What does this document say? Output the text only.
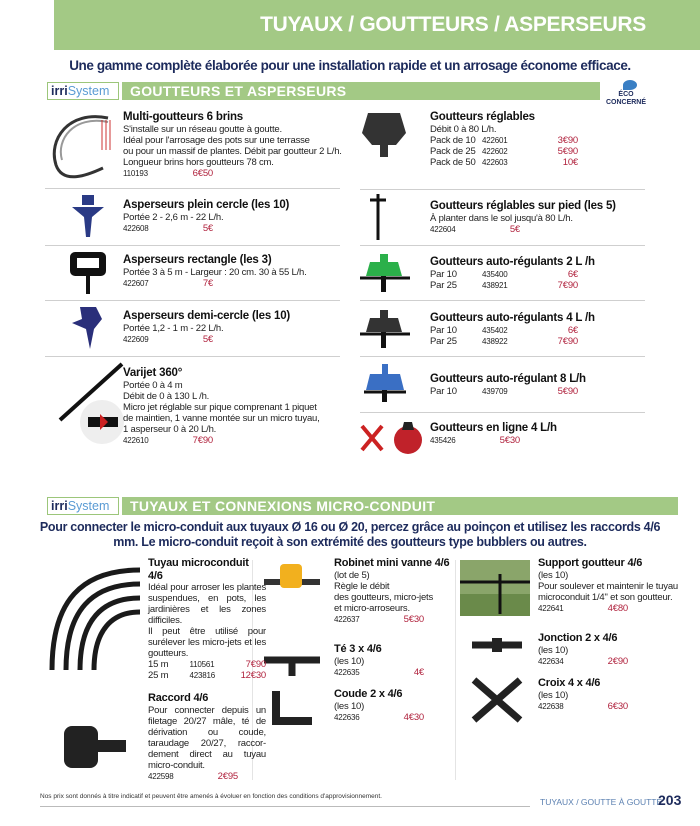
TUYAUX / GOUTTEURS / ASPERSEURS
Une gamme complète élaborée pour une installation rapide et un arrosage économe efficace.
irriSystem	GOUTTEURS ET ASPERSEURS	ÉCO
CONCERNÉ
irriSystem	TUYAUX ET CONNEXIONS MICRO-CONDUIT
Pour connecter le micro-conduit aux tuyaux Ø 16 ou Ø 20, percez grâce au poinçon et utilisez les raccords 4/6 mm. Le micro-conduit reçoit à son extrémité des goutteurs type bubblers ou autres.
Multi-goutteurs 6 brins
S'installe sur un réseau goutte à goutte.
Idéal pour l'arrosage des pots sur une terrasse
ou pour un massif de plantes. Débit par goutteur 2 L/h.
Longueur brins hors goutteurs 78 cm.
110193	6€50
Asperseurs plein cercle (les 10)
Portée 2 - 2,6 m - 22 L/h.
422608	5€
Asperseurs rectangle (les 3)
Portée 3 à 5 m - Largeur : 20 cm. 30 à 55 L/h.
422607	7€
Asperseurs demi-cercle (les 10)
Portée 1,2 - 1 m - 22 L/h.
422609	5€
Varijet 360°
Portée 0 à 4 m
Débit de 0 à 130 L /h.
Micro jet réglable sur pique comprenant 1 piquet
de maintien, 1 vanne montée sur un micro tuyau,
1 asperseur 0 à 20 L/h.
422610	7€90
Goutteurs réglables
Débit 0 à 80 L/h.
Pack de 10 422601	3€90
Pack de 25 422602	5€90
Pack de 50 422603	10€
Goutteurs réglables sur pied (les 5)
À planter dans le sol jusqu'à 80 L/h.
422604	5€
Goutteurs auto-régulants 2 L /h
Par 10	435400	6€
Par 25	438921	7€90
Goutteurs auto-régulants 4 L /h
Par 10	435402	6€
Par 25	438922	7€90
Goutteurs auto-régulant 8 L/h
Par 10	439709	5€90
Goutteurs en ligne 4 L/h
435426	5€30
Tuyau microconduit 4/6
Idéal pour arroser les plantes suspendues, en pots, les jardinières et les zones difficiles.
Il peut être utilisé pour surélever les micro-jets et les goutteurs.
15 m	110561	7€90
25 m	423816	12€30
Raccord 4/6
Pour connecter depuis un filetage 20/27 mâle, té de dérivation ou coude, taraudage 20/27, raccor-dement direct au tuyau micro-conduit.
422598	2€95
Robinet mini vanne 4/6
(lot de 5)
Règle le débit
des goutteurs, micro-jets
et micro-arroseurs.
422637	5€30
Té 3 x 4/6
(les 10)
422635	4€
Coude 2 x 4/6
(les 10)
422636	4€30
Support goutteur 4/6
(les 10)
Pour soulever et maintenir le tuyau microconduit 1/4" et son goutteur.
422641	4€80
Jonction 2 x 4/6
(les 10)
422634	2€90
Croix 4 x 4/6
(les 10)
422638	6€30
Nos prix sont donnés à titre indicatif et peuvent être amenés à évoluer en fonction des conditions d'approvisionnement.
TUYAUX / GOUTTE À GOUTTE
203
